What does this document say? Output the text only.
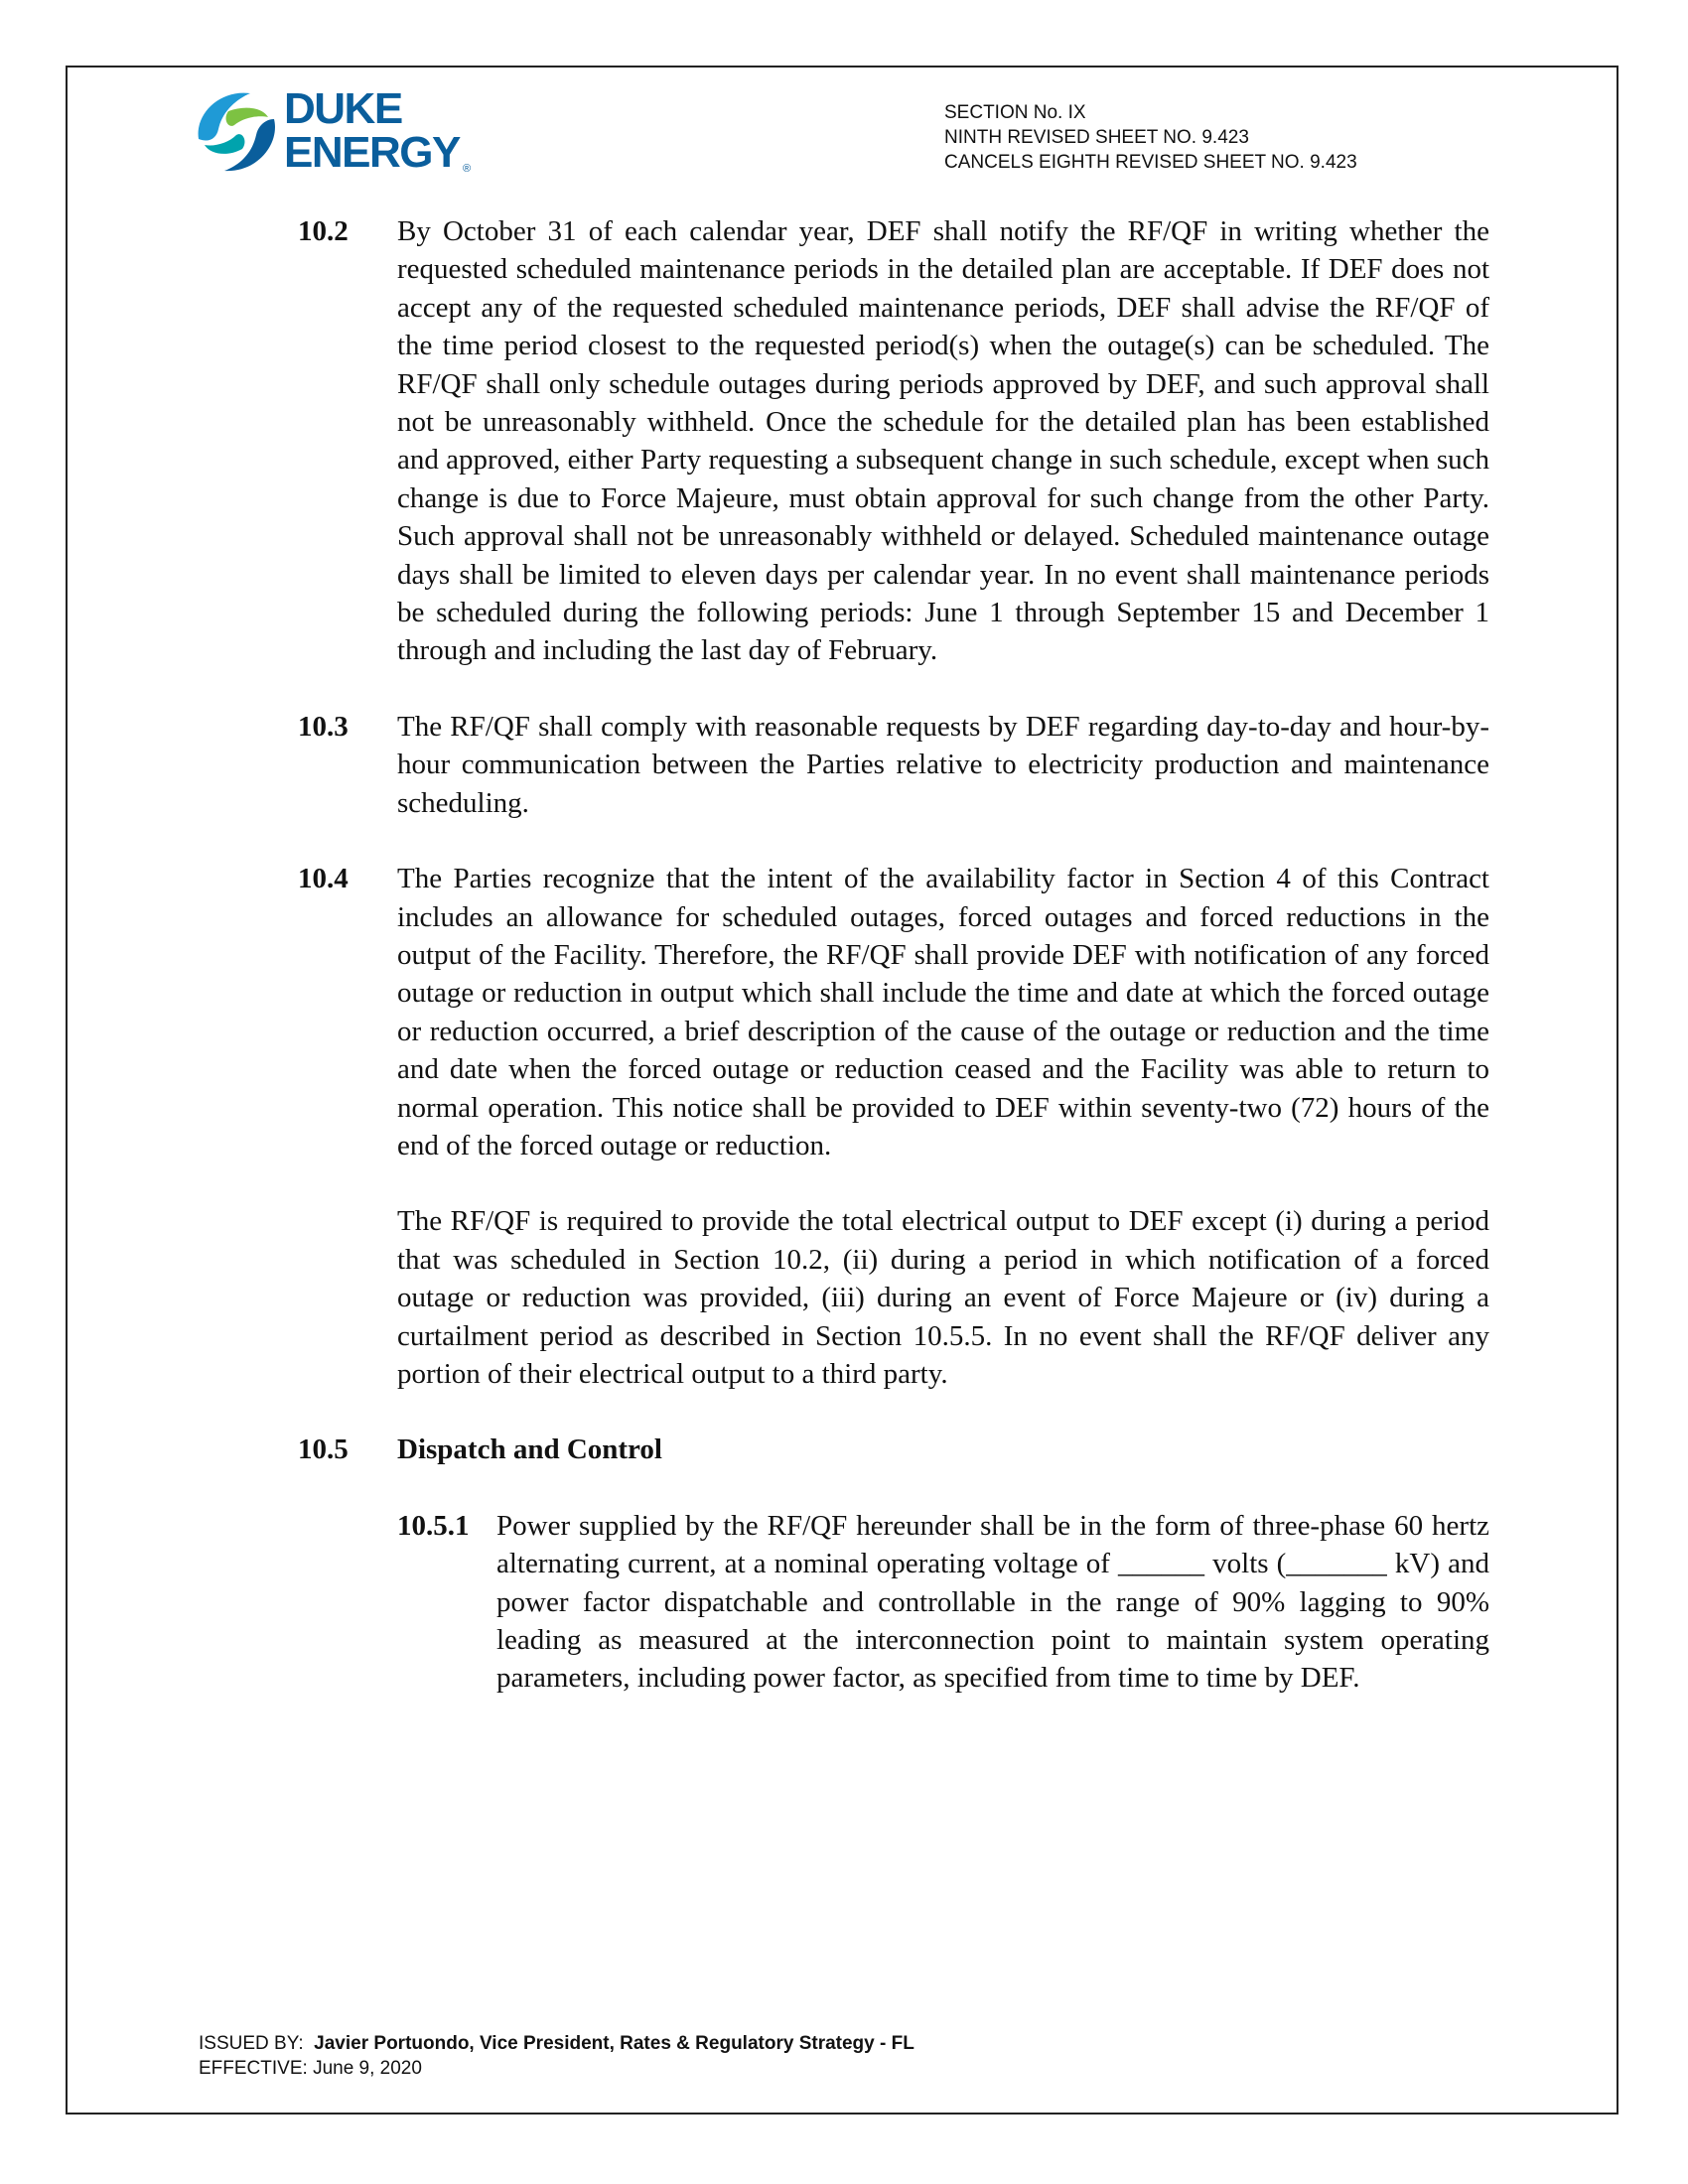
DUKE
ENERGY ®
SECTION No. IX
NINTH REVISED SHEET NO. 9.423
CANCELS EIGHTH REVISED SHEET NO. 9.423
10.2 By October 31 of each calendar year, DEF shall notify the RF/QF in writing whether the requested scheduled maintenance periods in the detailed plan are acceptable. If DEF does not accept any of the requested scheduled maintenance periods, DEF shall advise the RF/QF of the time period closest to the requested period(s) when the outage(s) can be scheduled. The RF/QF shall only schedule outages during periods approved by DEF, and such approval shall not be unreasonably withheld. Once the schedule for the detailed plan has been established and approved, either Party requesting a subsequent change in such schedule, except when such change is due to Force Majeure, must obtain approval for such change from the other Party. Such approval shall not be unreasonably withheld or delayed. Scheduled maintenance outage days shall be limited to eleven days per calendar year. In no event shall maintenance periods be scheduled during the following periods: June 1 through September 15 and December 1 through and including the last day of February.
10.3 The RF/QF shall comply with reasonable requests by DEF regarding day-to-day and hour-by-hour communication between the Parties relative to electricity production and maintenance scheduling.
10.4 The Parties recognize that the intent of the availability factor in Section 4 of this Contract includes an allowance for scheduled outages, forced outages and forced reductions in the output of the Facility. Therefore, the RF/QF shall provide DEF with notification of any forced outage or reduction in output which shall include the time and date at which the forced outage or reduction occurred, a brief description of the cause of the outage or reduction and the time and date when the forced outage or reduction ceased and the Facility was able to return to normal operation. This notice shall be provided to DEF within seventy-two (72) hours of the end of the forced outage or reduction.
The RF/QF is required to provide the total electrical output to DEF except (i) during a period that was scheduled in Section 10.2, (ii) during a period in which notification of a forced outage or reduction was provided, (iii) during an event of Force Majeure or (iv) during a curtailment period as described in Section 10.5.5. In no event shall the RF/QF deliver any portion of their electrical output to a third party.
10.5 Dispatch and Control
10.5.1 Power supplied by the RF/QF hereunder shall be in the form of three-phase 60 hertz alternating current, at a nominal operating voltage of ______ volts (_______ kV) and power factor dispatchable and controllable in the range of 90% lagging to 90% leading as measured at the interconnection point to maintain system operating parameters, including power factor, as specified from time to time by DEF.
ISSUED BY: Javier Portuondo, Vice President, Rates & Regulatory Strategy - FL
EFFECTIVE: June 9, 2020
